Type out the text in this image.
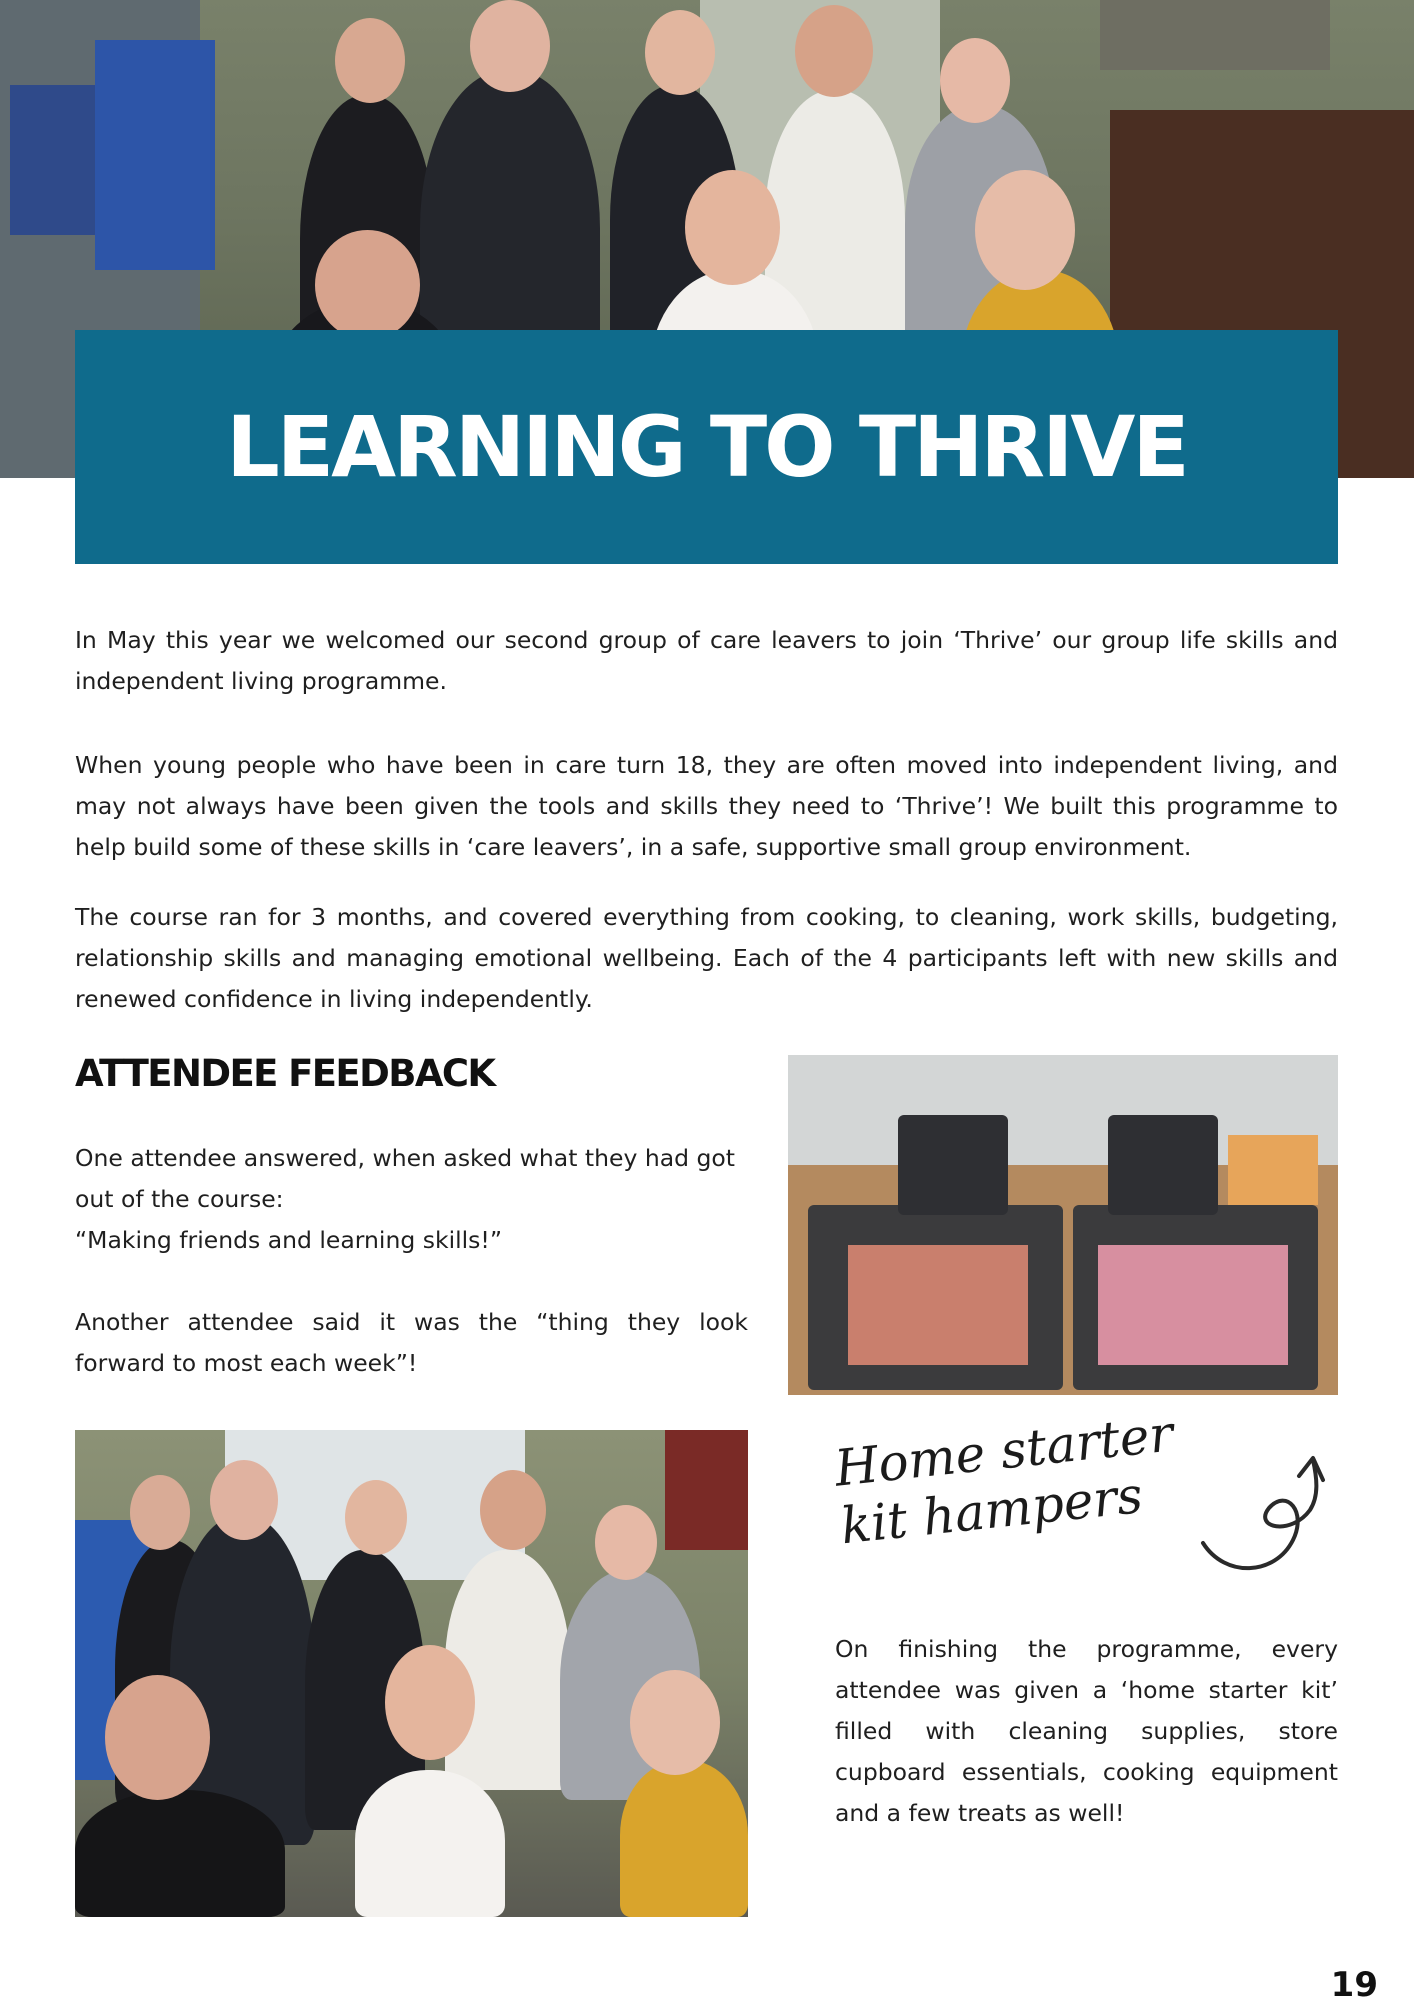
LEARNING TO THRIVE

In May this year we welcomed our second group of care leavers to join ‘Thrive’ our group life skills and independent living programme.

When young people who have been in care turn 18, they are often moved into independent living, and may not always have been given the tools and skills they need to ‘Thrive’! We built this programme to help build some of these skills in ‘care leavers’, in a safe, supportive small group environment.

The course ran for 3 months, and covered everything from cooking, to cleaning, work skills, budgeting, relationship skills and managing emotional wellbeing. Each of the 4 participants left with new skills and renewed confidence in living independently.

ATTENDEE FEEDBACK

One attendee answered, when asked what they had got out of the course:

“Making friends and learning skills!”

Another attendee said it was the “thing they look forward to most each week”!

Home starter kit hampers

On finishing the programme, every attendee was given a ‘home starter kit’ filled with cleaning supplies, store cupboard essentials, cooking equipment and a few treats as well!

19
